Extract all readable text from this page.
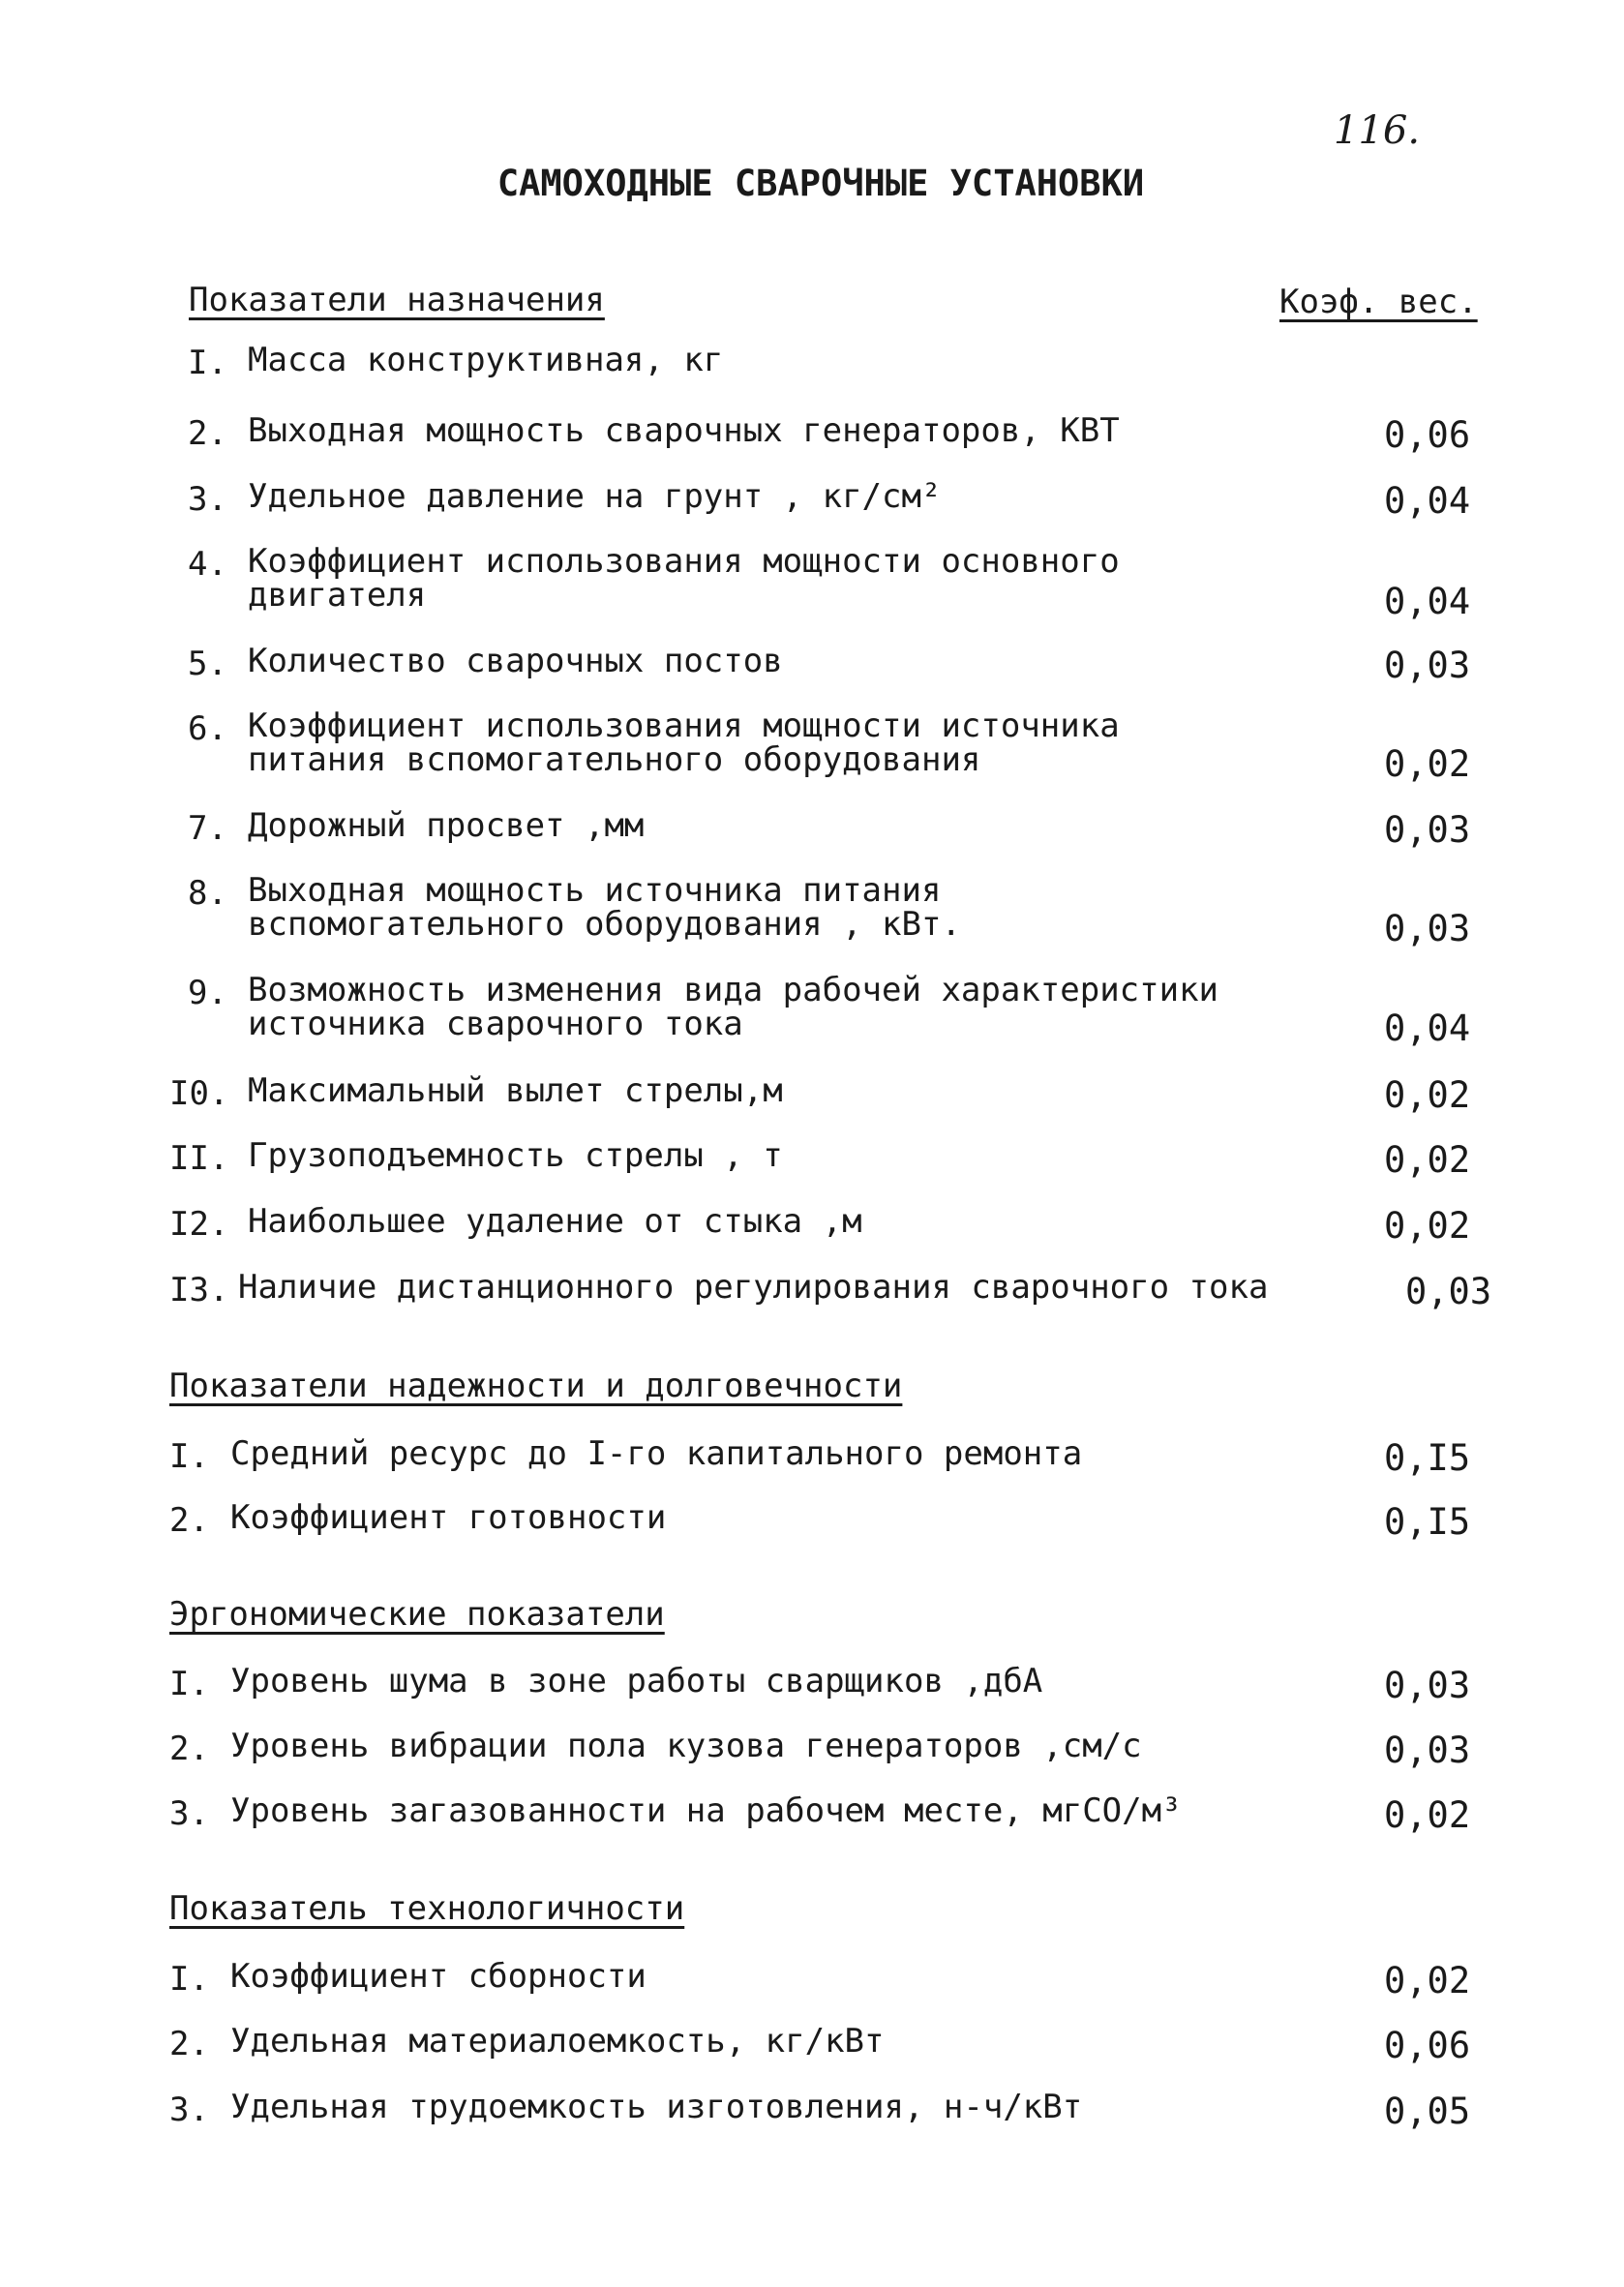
116.
САМОХОДНЫЕ СВАРОЧНЫЕ УСТАНОВКИ
Коэф. вес.
Показатели назначения
I. Масса конструктивная, кг
2. Выходная мощность сварочных генераторов, КВТ	0,06
3. Удельное давление на грунт , кг/см²	0,04
4. Коэффициент использования мощности основного
двигателя	0,04
5. Количество сварочных постов	0,03
6. Коэффициент использования мощности источника
питания вспомогательного оборудования	0,02
7. Дорожный просвет ,мм	0,03
8. Выходная мощность источника питания
вспомогательного оборудования , кВт.	0,03
9. Возможность изменения вида рабочей характеристики
источника сварочного тока	0,04
I0. Максимальный вылет стрелы,м	0,02
II. Грузоподъемность стрелы , т	0,02
I2. Наибольшее удаление от стыка ,м	0,02
I3. Наличие дистанционного регулирования сварочного тока	0,03
Показатели надежности и долговечности
I. Средний ресурс до I-го капитального ремонта	0,I5
2. Коэффициент готовности	0,I5
Эргономические показатели
I. Уровень шума в зоне работы сварщиков ,дбА	0,03
2. Уровень вибрации пола кузова генераторов ,см/с	0,03
3. Уровень загазованности на рабочем месте, мгСО/м³	0,02
Показатель технологичности
I. Коэффициент сборности	0,02
2. Удельная материалоемкость, кг/кВт	0,06
3. Удельная трудоемкость изготовления, н-ч/кВт	0,05
